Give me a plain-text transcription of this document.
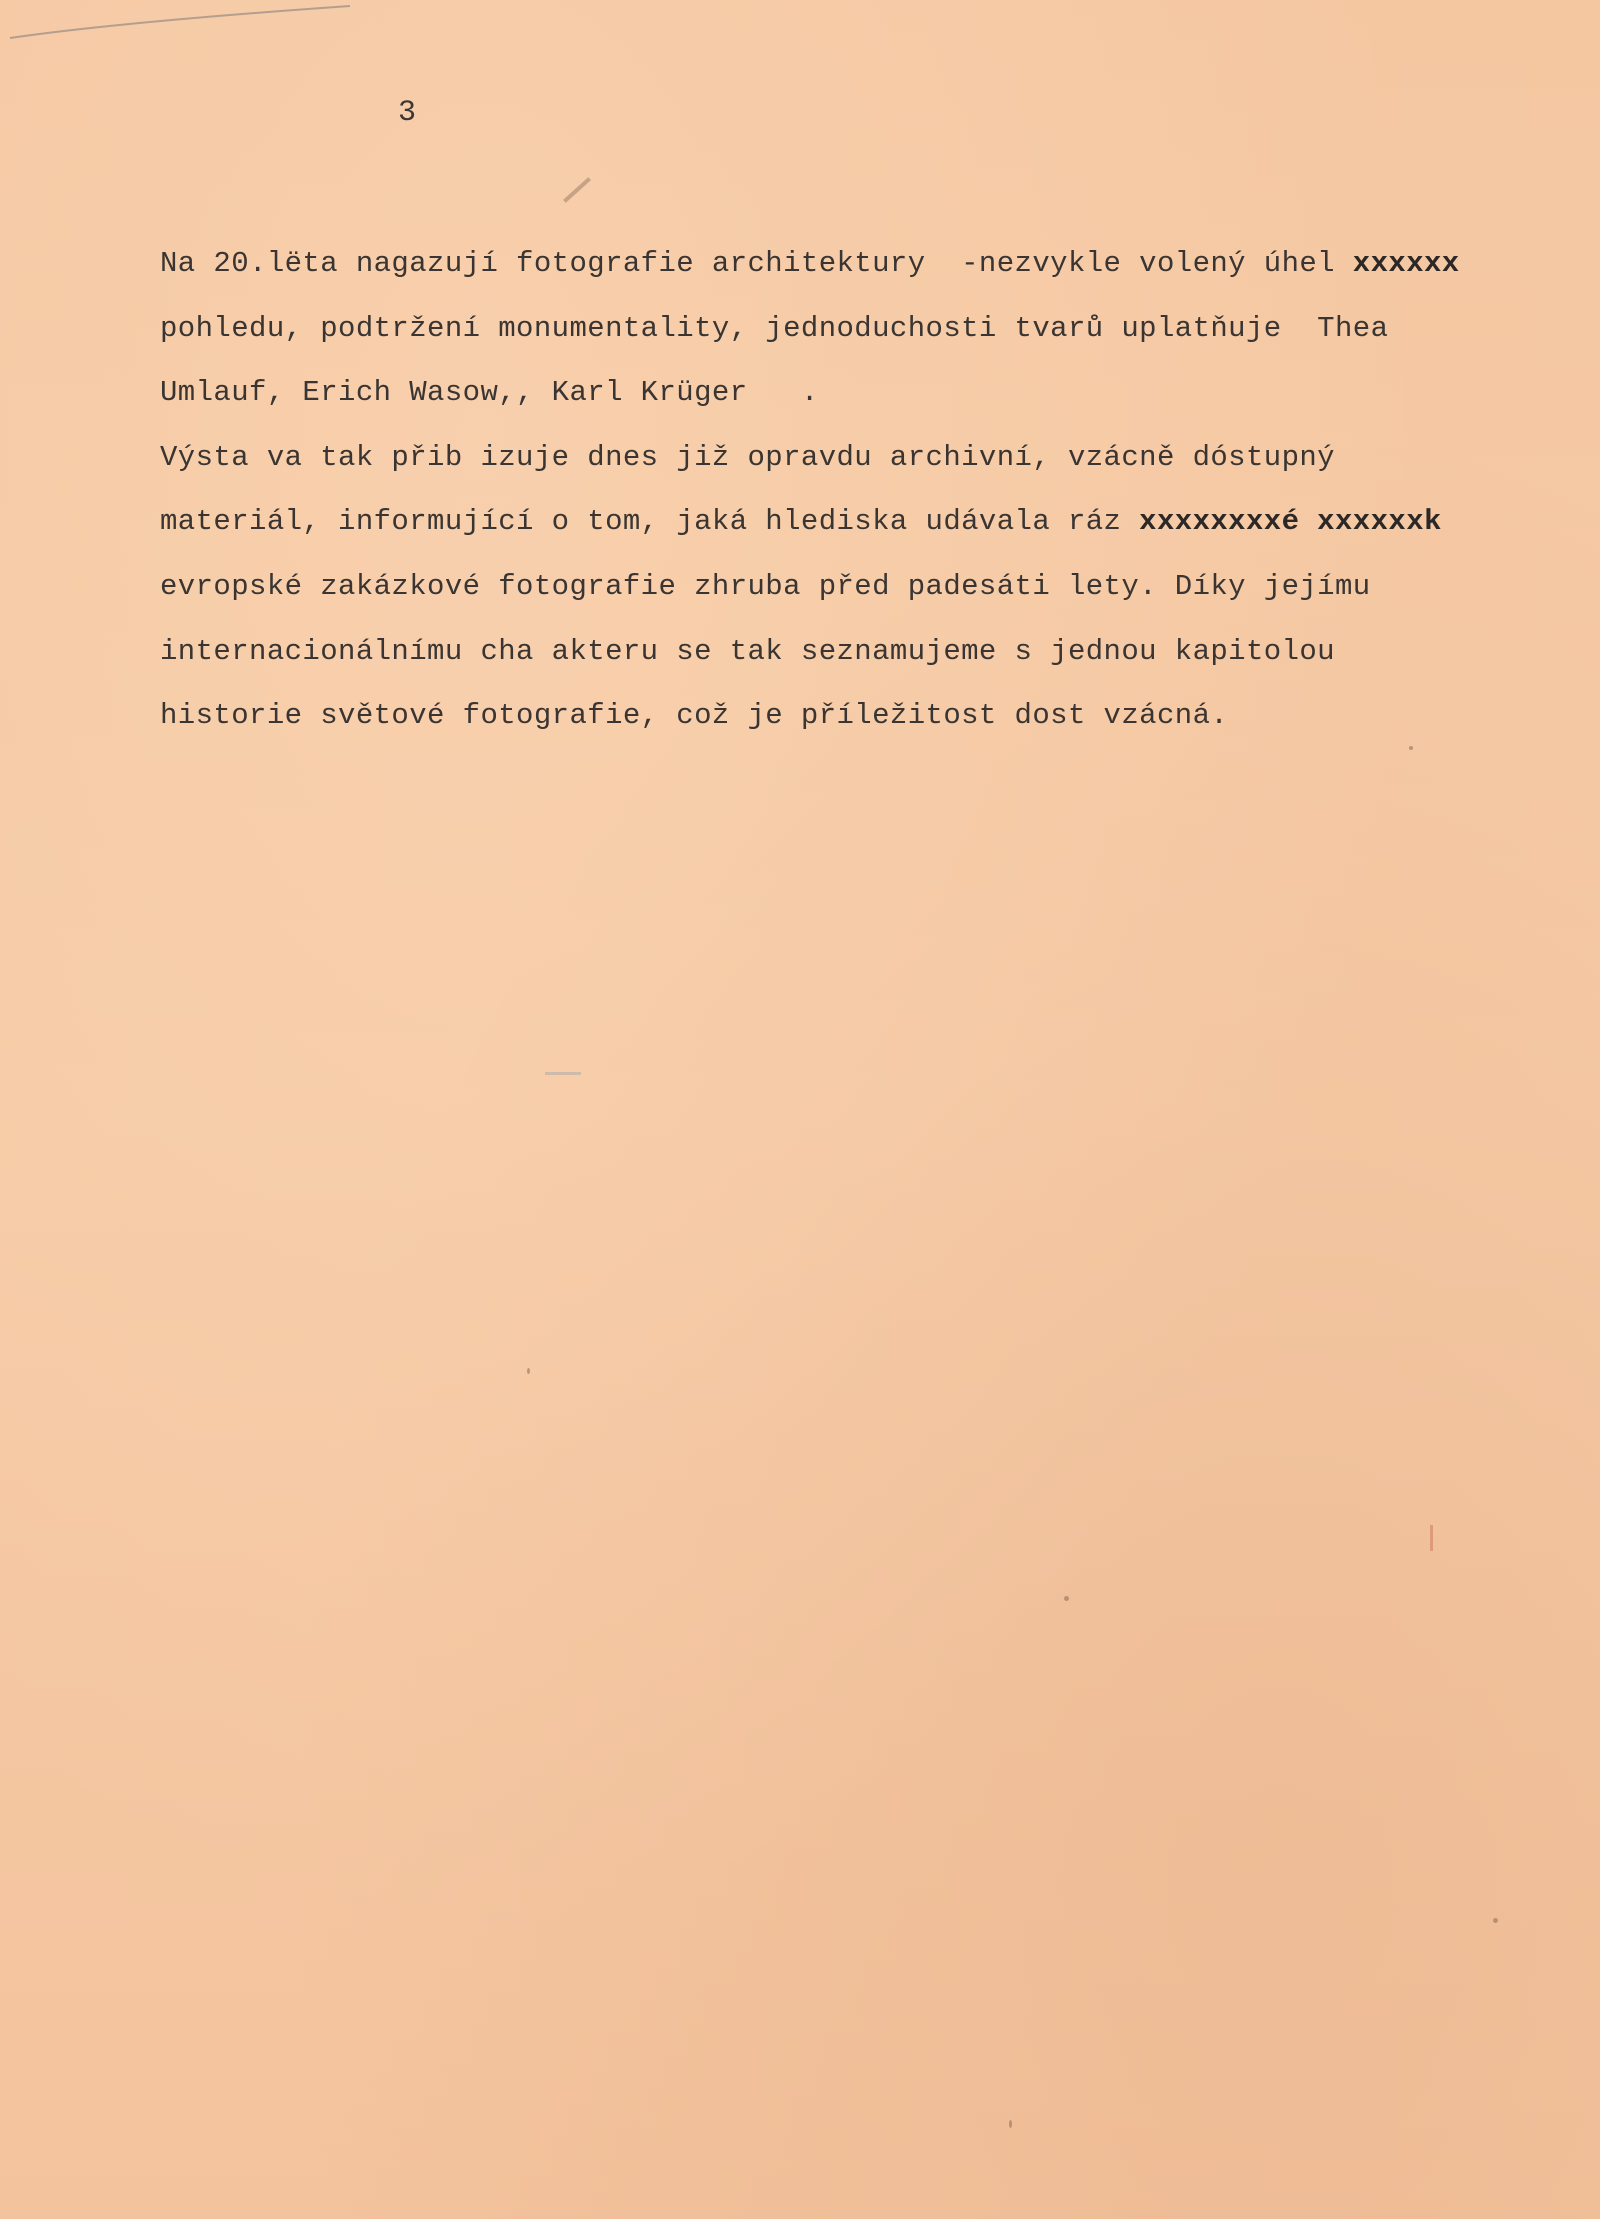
3
Na 20.lёta nagazují fotografie architektury  -nezvykle volený úhel xxxxxx
pohledu, podtržení monumentality, jednoduchosti tvarů uplatňuje  Thea
Umlauf, Erich Wasow,, Karl Krüger   .
Výsta va tak přib izuje dnes již opravdu archivní, vzácně dóstupný
materiál, informující o tom, jaká hlediska udávala ráz xxxxxxxxé xxxxxxk
evropské zakázkové fotografie zhruba před padesáti lety. Díky jejímu
internacionálnímu cha akteru se tak seznamujeme s jednou kapitolou
historie světové fotografie, což je příležitost dost vzácná.
